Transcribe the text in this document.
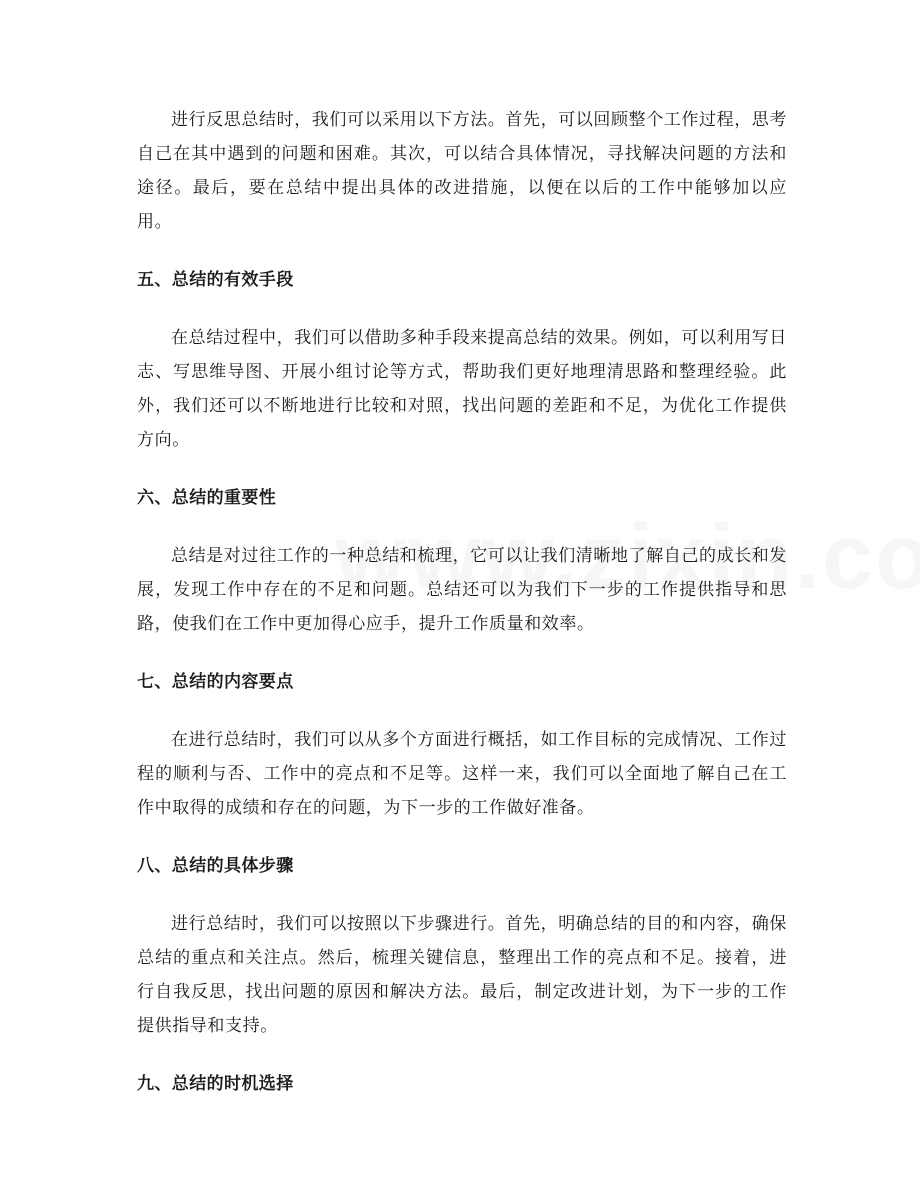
进行反思总结时，我们可以采用以下方法。首先，可以回顾整个工作过程，思考自己在其中遇到的问题和困难。其次，可以结合具体情况，寻找解决问题的方法和途径。最后，要在总结中提出具体的改进措施，以便在以后的工作中能够加以应用。

五、总结的有效手段

在总结过程中，我们可以借助多种手段来提高总结的效果。例如，可以利用写日志、写思维导图、开展小组讨论等方式，帮助我们更好地理清思路和整理经验。此外，我们还可以不断地进行比较和对照，找出问题的差距和不足，为优化工作提供方向。

六、总结的重要性

总结是对过往工作的一种总结和梳理，它可以让我们清晰地了解自己的成长和发展，发现工作中存在的不足和问题。总结还可以为我们下一步的工作提供指导和思路，使我们在工作中更加得心应手，提升工作质量和效率。

七、总结的内容要点

在进行总结时，我们可以从多个方面进行概括，如工作目标的完成情况、工作过程的顺利与否、工作中的亮点和不足等。这样一来，我们可以全面地了解自己在工作中取得的成绩和存在的问题，为下一步的工作做好准备。

八、总结的具体步骤

进行总结时，我们可以按照以下步骤进行。首先，明确总结的目的和内容，确保总结的重点和关注点。然后，梳理关键信息，整理出工作的亮点和不足。接着，进行自我反思，找出问题的原因和解决方法。最后，制定改进计划，为下一步的工作提供指导和支持。

九、总结的时机选择
